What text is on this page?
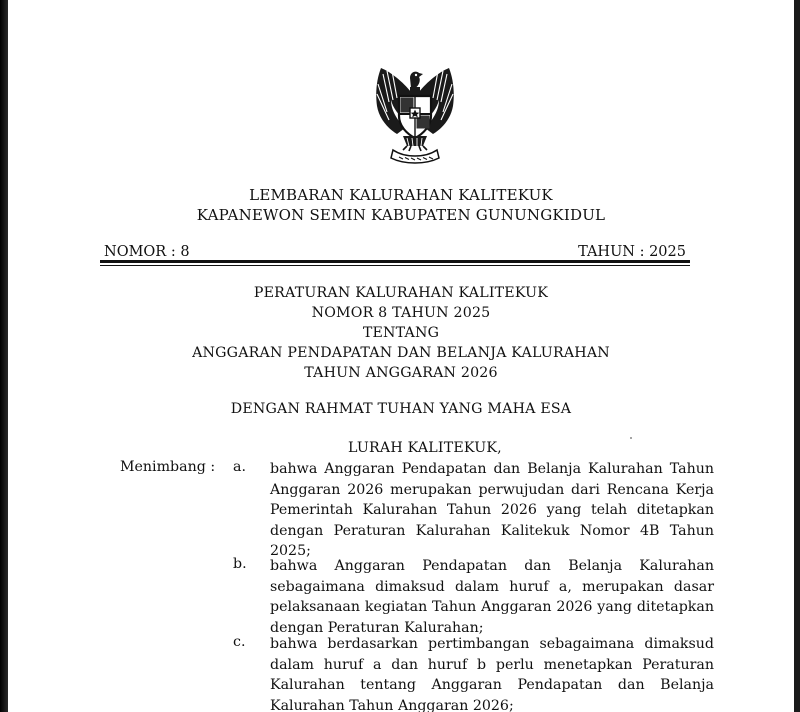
LEMBARAN KALURAHAN KALITEKUK
KAPANEWON SEMIN KABUPATEN GUNUNGKIDUL
NOMOR : 8	TAHUN : 2025
PERATURAN KALURAHAN KALITEKUK
NOMOR 8 TAHUN 2025
TENTANG
ANGGARAN PENDAPATAN DAN BELANJA KALURAHAN
TAHUN ANGGARAN 2026
DENGAN RAHMAT TUHAN YANG MAHA ESA
LURAH KALITEKUK,
Menimbang : a. bahwa Anggaran Pendapatan dan Belanja Kalurahan Tahun
Anggaran 2026 merupakan perwujudan dari Rencana Kerja
Pemerintah Kalurahan Tahun 2026 yang telah ditetapkan
dengan Peraturan Kalurahan Kalitekuk Nomor 4B Tahun
2025;
b. bahwa Anggaran Pendapatan dan Belanja Kalurahan
sebagaimana dimaksud dalam huruf a, merupakan dasar
pelaksanaan kegiatan Tahun Anggaran 2026 yang ditetapkan
dengan Peraturan Kalurahan;
c. bahwa berdasarkan pertimbangan sebagaimana dimaksud
dalam huruf a dan huruf b perlu menetapkan Peraturan
Kalurahan tentang Anggaran Pendapatan dan Belanja
Kalurahan Tahun Anggaran 2026;
